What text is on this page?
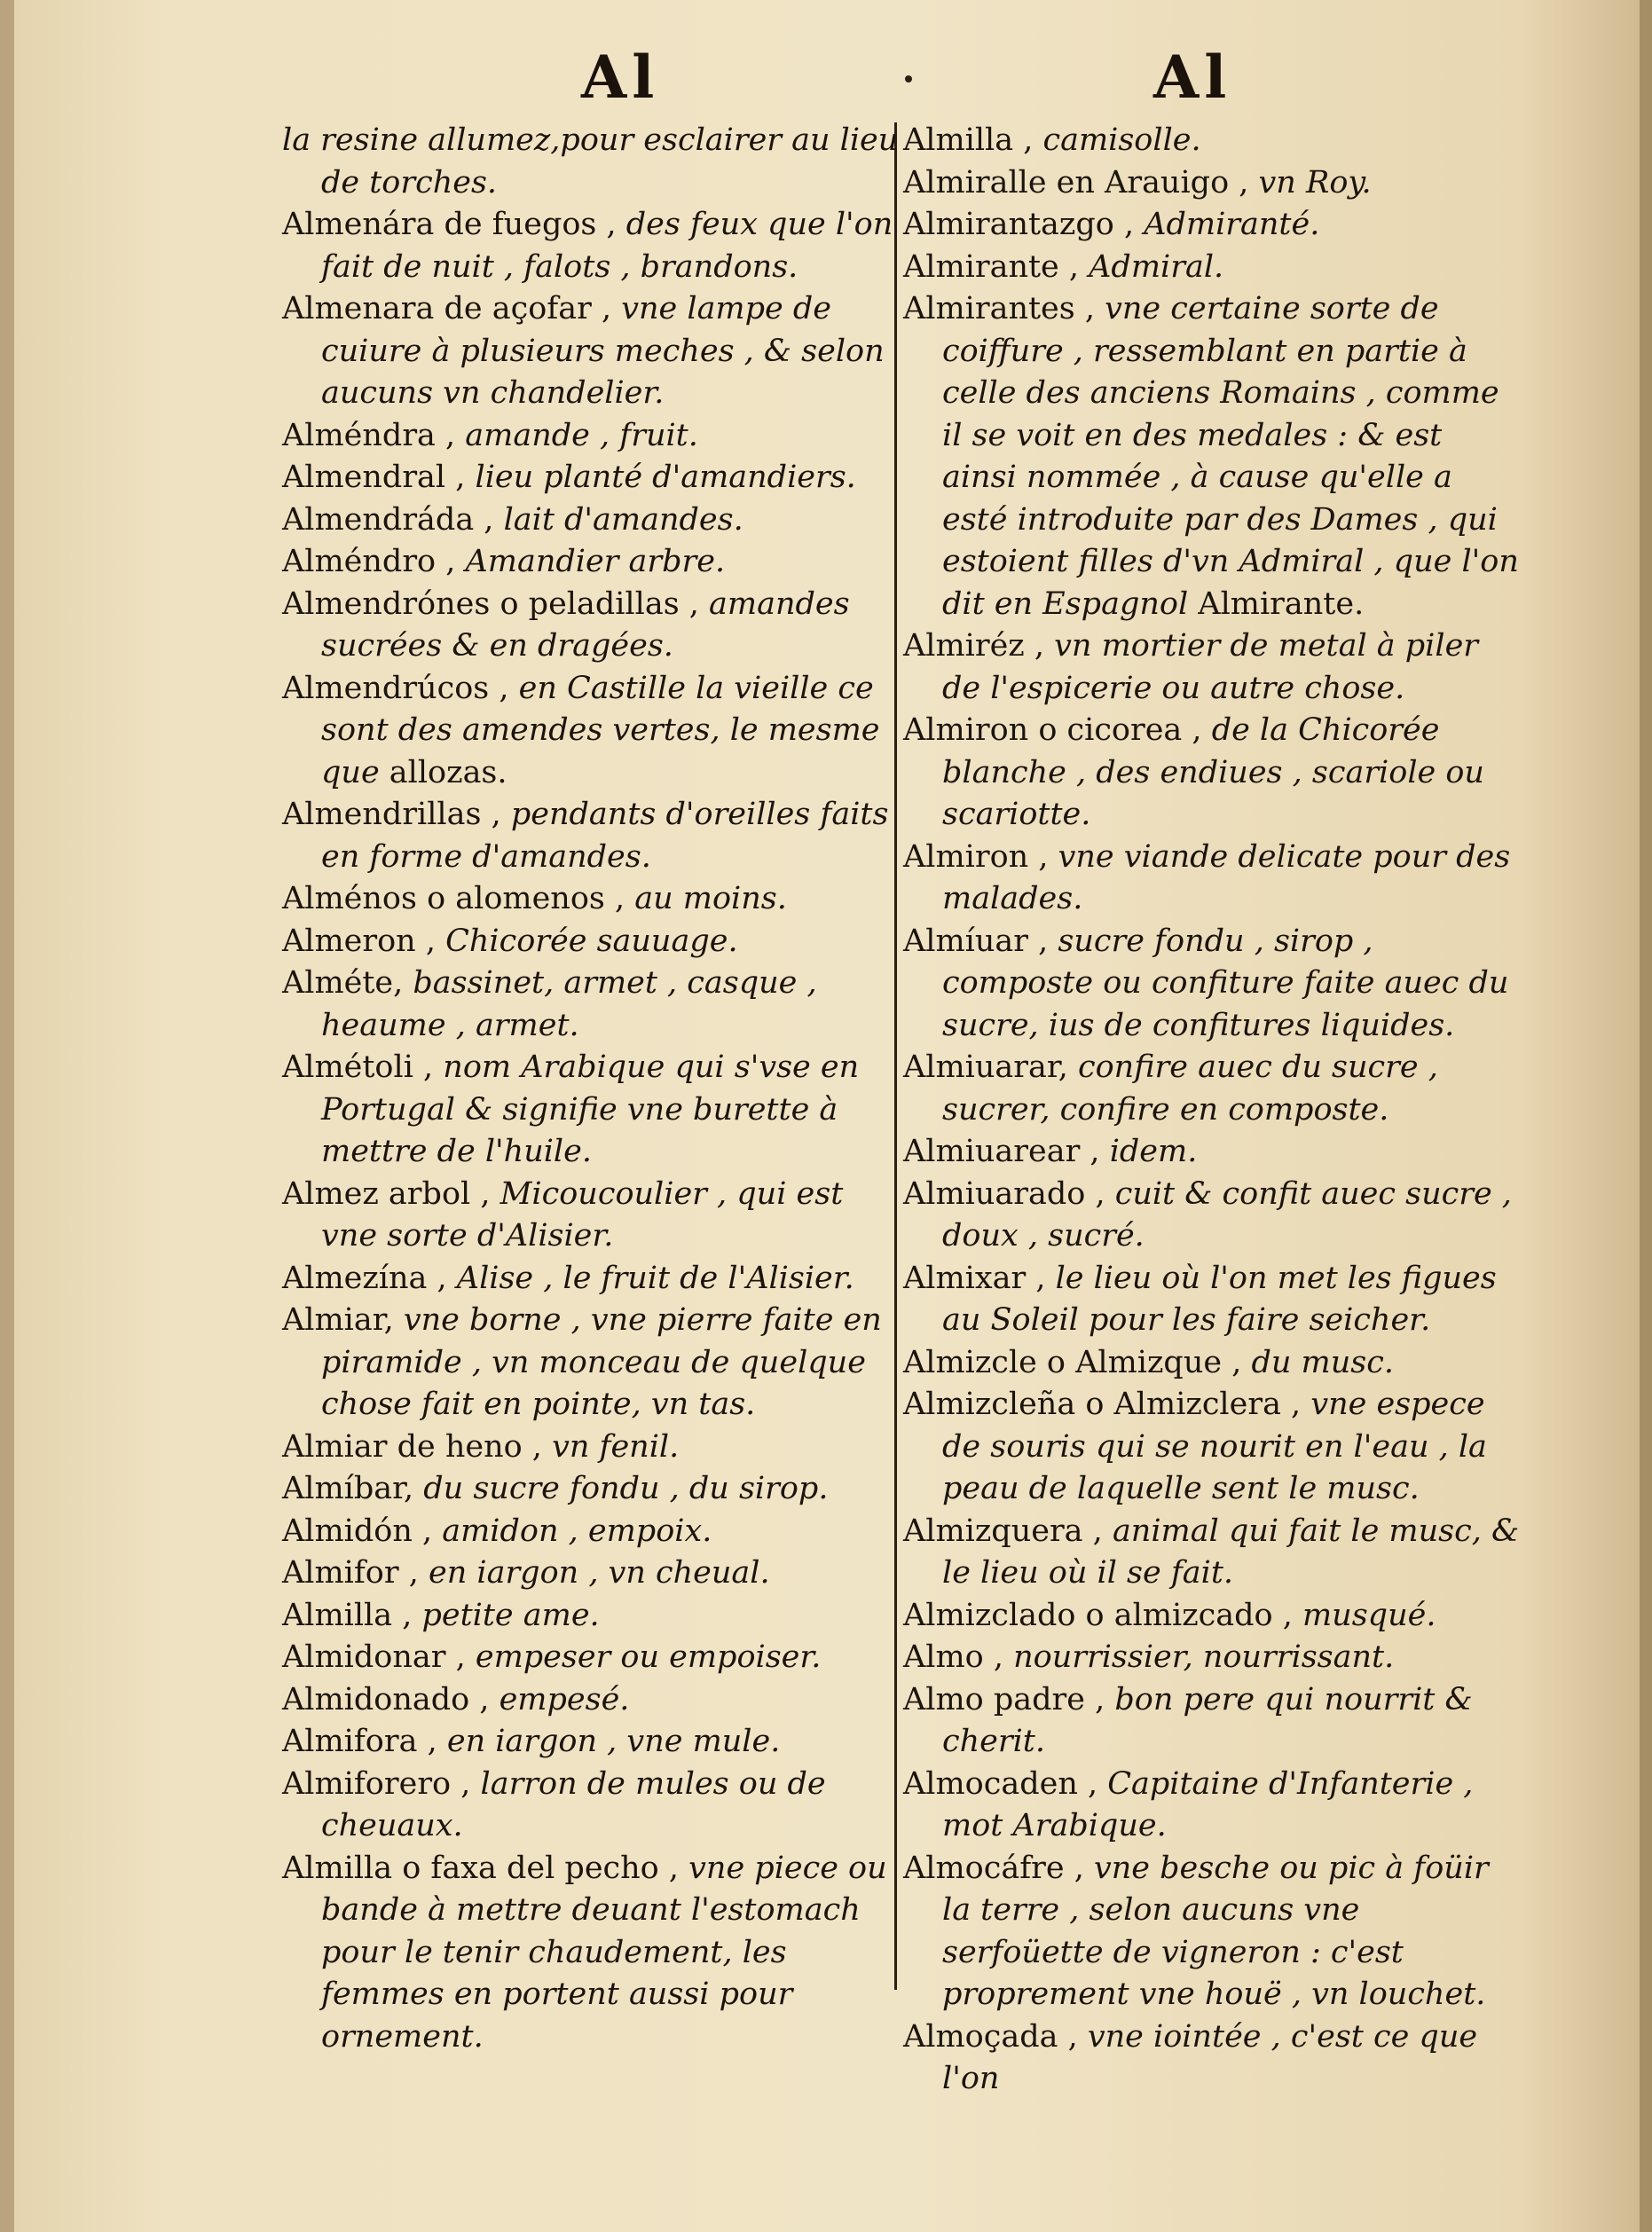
Al	Al

la resine allumez,pour esclairer au lieu de torches.

Almenára de fuegos , des feux que l'on fait de nuit , falots , brandons.

Almenara de açofar , vne lampe de cuiure à plusieurs meches , & selon aucuns vn chandelier.

Alméndra , amande , fruit.

Almendral , lieu planté d'amandiers.

Almendráda , lait d'amandes.

Alméndro , Amandier arbre.

Almendrónes o peladillas , amandes sucrées & en dragées.

Almendrúcos , en Castille la vieille ce sont des amendes vertes, le mesme que allozas.

Almendrillas , pendants d'oreilles faits en forme d'amandes.

Alménos o alomenos , au moins.

Almeron , Chicorée sauuage.

Alméte, bassinet, armet , casque , heaume , armet.

Almétoli , nom Arabique qui s'vse en Portugal & signifie vne burette à mettre de l'huile.

Almez arbol , Micoucoulier , qui est vne sorte d'Alisier.

Almezína , Alise , le fruit de l'Alisier.

Almiar, vne borne , vne pierre faite en piramide , vn monceau de quelque chose fait en pointe, vn tas.

Almiar de heno , vn fenil.

Almíbar, du sucre fondu , du sirop.

Almidón , amidon , empoix.

Almifor , en iargon , vn cheual.

Almilla , petite ame.

Almidonar , empeser ou empoiser.

Almidonado , empesé.

Almifora , en iargon , vne mule.

Almiforero , larron de mules ou de cheuaux.

Almilla o faxa del pecho , vne piece ou bande à mettre deuant l'estomach pour le tenir chaudement, les femmes en portent aussi pour ornement.

Almilla , camisolle.

Almiralle en Arauigo , vn Roy.

Almirantazgo , Admiranté.

Almirante , Admiral.

Almirantes , vne certaine sorte de coiffure , ressemblant en partie à celle des anciens Romains , comme il se voit en des medales : & est ainsi nommée , à cause qu'elle a esté introduite par des Dames , qui estoient filles d'vn Admiral , que l'on dit en Espagnol Almirante.

Almiréz , vn mortier de metal à piler de l'espicerie ou autre chose.

Almiron o cicorea , de la Chicorée blanche , des endiues , scariole ou scariotte.

Almiron , vne viande delicate pour des malades.

Almíuar , sucre fondu , sirop , composte ou confiture faite auec du sucre, ius de confitures liquides.

Almiuarar, confire auec du sucre , sucrer, confire en composte.

Almiuarear , idem.

Almiuarado , cuit & confit auec sucre , doux , sucré.

Almixar , le lieu où l'on met les figues au Soleil pour les faire seicher.

Almizcle o Almizque , du musc.

Almizcleña o Almizclera , vne espece de souris qui se nourit en l'eau , la peau de laquelle sent le musc.

Almizquera , animal qui fait le musc, & le lieu où il se fait.

Almizclado o almizcado , musqué.

Almo , nourrissier, nourrissant.

Almo padre , bon pere qui nourrit & cherit.

Almocaden , Capitaine d'Infanterie , mot Arabique.

Almocáfre , vne besche ou pic à foüir la terre , selon aucuns vne serfoüette de vigneron : c'est proprement vne houë , vn louchet.

Almoçada , vne iointée , c'est ce que l'on
